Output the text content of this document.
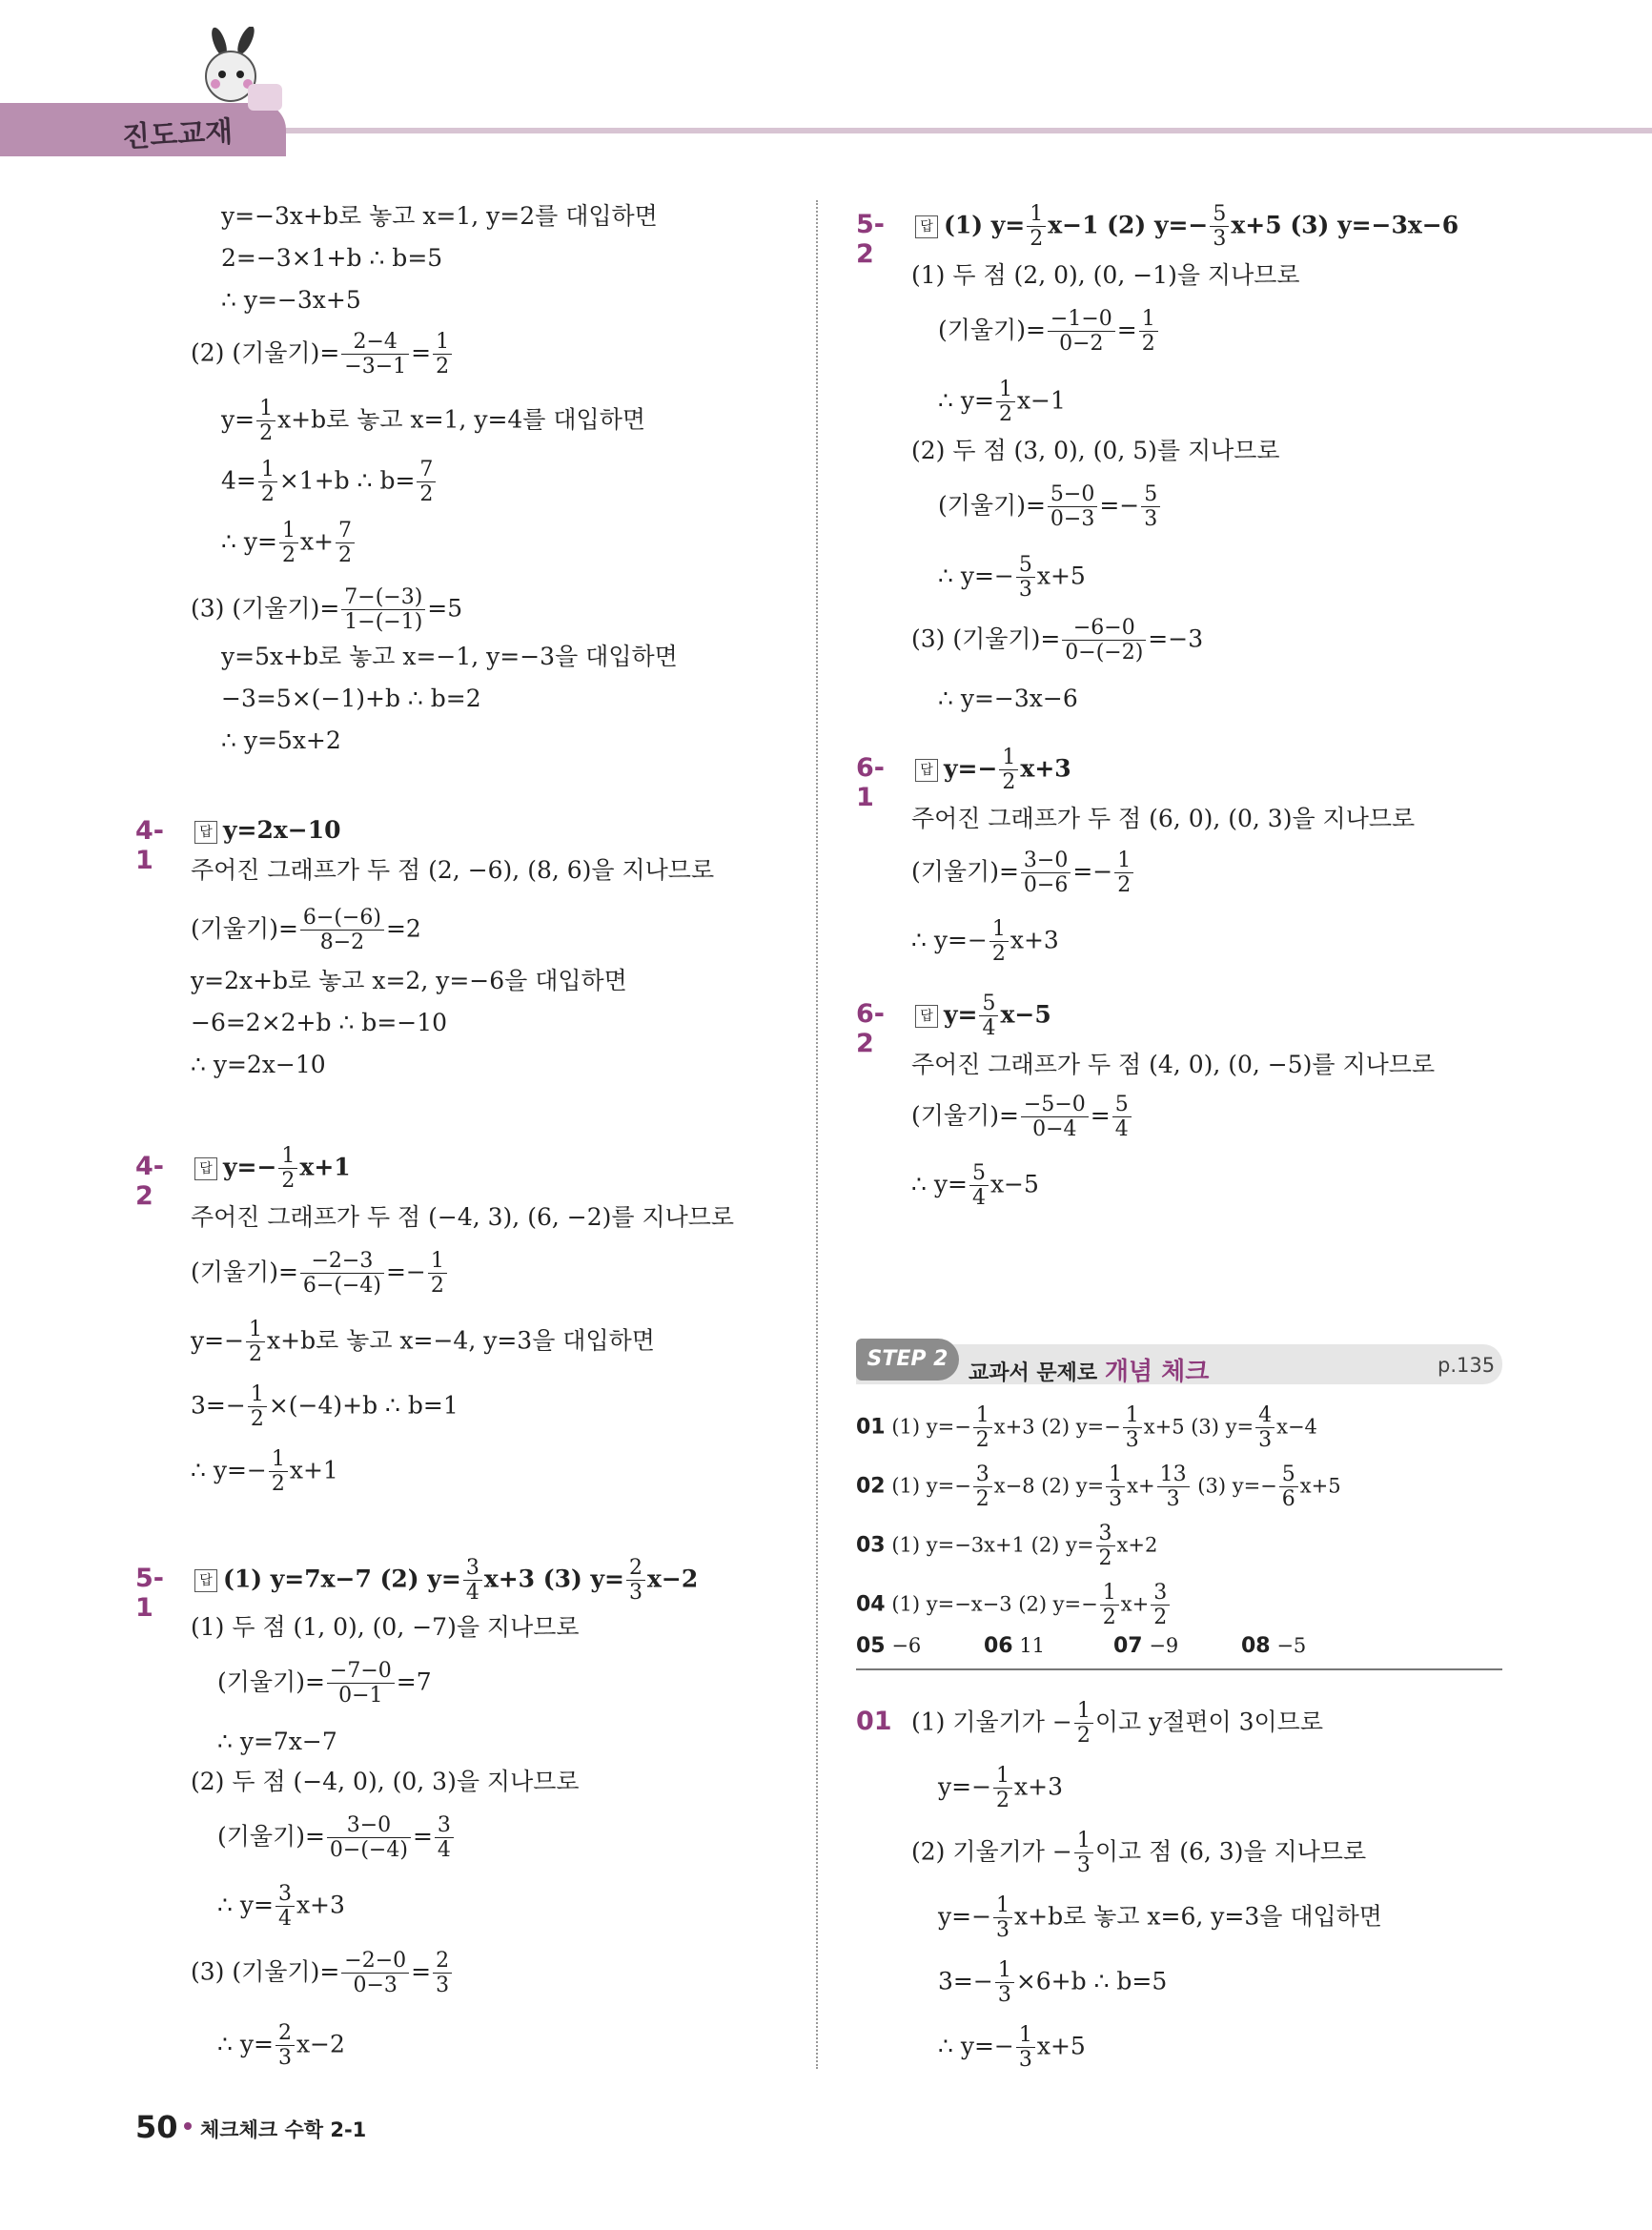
진도교재
y=−3x+b로 놓고 x=1, y=2를 대입하면
2=−3×1+b ∴ b=5
∴ y=−3x+5
(2) (기울기)= $\frac{2-4}{-3-1} = \frac{1}{2}$
$y= \frac{1}{2} x+b$로 놓고 x=1, y=4를 대입하면
$4= \frac{1}{2} \times 1+b$ ∴ $b= \frac{7}{2}$
∴ $y= \frac{1}{2} x+ \frac{7}{2}$
(3) (기울기)= $\frac{7-(-3)}{1-(-1)} =5$
y=5x+b로 놓고 x=−1, y=−3을 대입하면
−3=5×(−1)+b ∴ b=2
∴ y=5x+2
4-1
답 y=2x−10
주어진 그래프가 두 점 (2, −6), (8, 6)을 지나므로
(기울기)= $\frac{6-(-6)}{8-2} =2$
y=2x+b로 놓고 x=2, y=−6을 대입하면
−6=2×2+b ∴ b=−10
∴ y=2x−10
4-2
답 $y=- \frac{1}{2} x+1$
주어진 그래프가 두 점 (−4, 3), (6, −2)를 지나므로
(기울기)= $\frac{-2-3}{6-(-4)} =- \frac{1}{2}$
$y=- \frac{1}{2} x+b$로 놓고 x=−4, y=3을 대입하면
$3=- \frac{1}{2} \times(-4)+b$ ∴ b=1
∴ $y=- \frac{1}{2} x+1$
5-1
답 (1) y=7x−7 (2) $y= \frac{3}{4} x+3$ (3) $y= \frac{2}{3} x-2$
(1) 두 점 (1, 0), (0, −7)을 지나므로
(기울기)= $\frac{-7-0}{0-1} =7$
∴ y=7x−7
(2) 두 점 (−4, 0), (0, 3)을 지나므로
(기울기)= $\frac{3-0}{0-(-4)} = \frac{3}{4}$
∴ $y= \frac{3}{4} x+3$
(3) (기울기)= $\frac{-2-0}{0-3} = \frac{2}{3}$
∴ $y= \frac{2}{3} x-2$
5-2
답 (1) $y= \frac{1}{2} x-1$ (2) $y=- \frac{5}{3} x+5$ (3) y=−3x−6
(1) 두 점 (2, 0), (0, −1)을 지나므로
(기울기)= $\frac{-1-0}{0-2} = \frac{1}{2}$
∴ $y= \frac{1}{2} x-1$
(2) 두 점 (3, 0), (0, 5)를 지나므로
(기울기)= $\frac{5-0}{0-3} =- \frac{5}{3}$
∴ $y=- \frac{5}{3} x+5$
(3) (기울기)= $\frac{-6-0}{0-(-2)} =-3$
∴ y=−3x−6
6-1
답 $y=- \frac{1}{2} x+3$
주어진 그래프가 두 점 (6, 0), (0, 3)을 지나므로
(기울기)= $\frac{3-0}{0-6} =- \frac{1}{2}$
∴ $y=- \frac{1}{2} x+3$
6-2
답 $y= \frac{5}{4} x-5$
주어진 그래프가 두 점 (4, 0), (0, −5)를 지나므로
(기울기)= $\frac{-5-0}{0-4} = \frac{5}{4}$
∴ $y= \frac{5}{4} x-5$
STEP 2
교과서 문제로 개념 체크	p.135
01 (1) $y=- \frac{1}{2} x+3$ (2) $y=- \frac{1}{3} x+5$ (3) $y= \frac{4}{3} x-4$
02 (1) $y=- \frac{3}{2} x-8$ (2) $y= \frac{1}{3} x+ \frac{13}{3} (3)$ $y=- \frac{5}{6} x+5$
03 (1) y=−3x+1 (2) $y= \frac{3}{2} x+2$
04 (1) y=−x−3 (2) $y=- \frac{1}{2} x+ \frac{3}{2}$
05 −6	06 11	07 −9	08 −5
01 (1) 기울기가 − $\frac{1}{2}$ 이고 y절편이 3이므로
$y=- \frac{1}{2} x+3$
(2) 기울기가 − $\frac{1}{3}$ 이고 점 (6, 3)을 지나므로
$y=- \frac{1}{3} x+b$로 놓고 x=6, y=3을 대입하면
$3=- \frac{1}{3} \times 6+b$ ∴ b=5
∴ $y=- \frac{1}{3} x+5$
50 체크체크 수학 2-1
